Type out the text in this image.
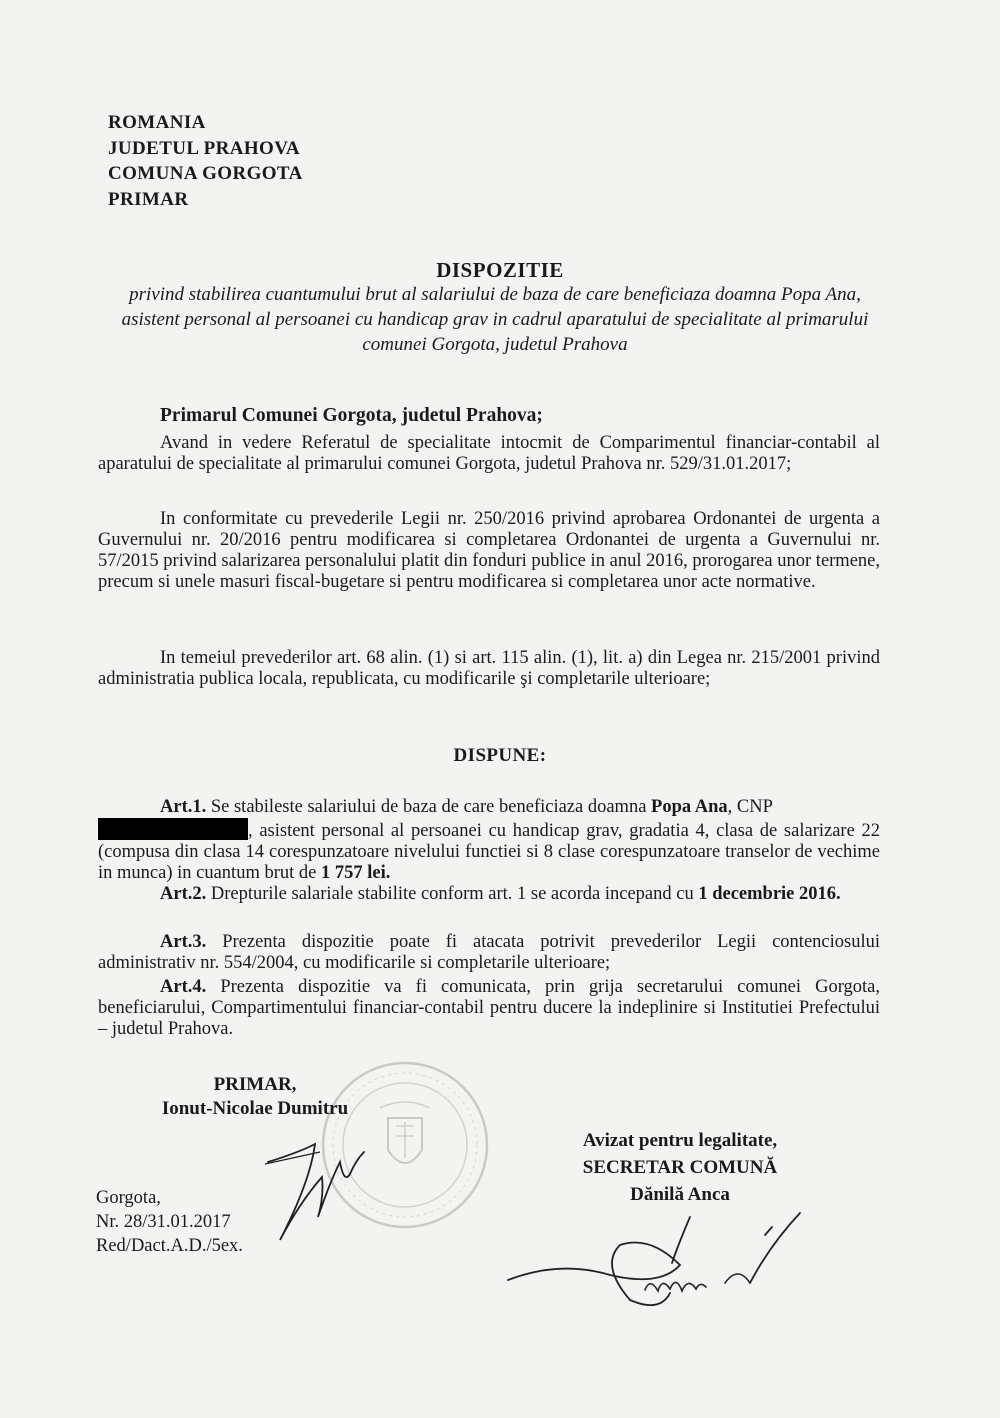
ROMANIA
JUDETUL PRAHOVA
COMUNA GORGOTA
PRIMAR
DISPOZITIE
privind stabilirea cuantumului brut al salariului de baza de care beneficiaza doamna Popa Ana, asistent personal al persoanei cu handicap grav in cadrul aparatului de specialitate al primarului comunei Gorgota, judetul Prahova
Primarul Comunei Gorgota, judetul Prahova;
Avand in vedere Referatul de specialitate intocmit de Comparimentul financiar-contabil al aparatului de specialitate al primarului comunei Gorgota, judetul Prahova nr. 529/31.01.2017;
In conformitate cu prevederile Legii nr. 250/2016 privind aprobarea Ordonantei de urgenta a Guvernului nr. 20/2016 pentru modificarea si completarea Ordonantei de urgenta a Guvernului nr. 57/2015 privind salarizarea personalului platit din fonduri publice in anul 2016, prorogarea unor termene, precum si unele masuri fiscal-bugetare si pentru modificarea si completarea unor acte normative.
In temeiul prevederilor art. 68 alin. (1) si art. 115 alin. (1), lit. a) din Legea nr. 215/2001 privind administratia publica locala, republicata, cu modificarile şi completarile ulterioare;
DISPUNE:
Art.1. Se stabileste salariului de baza de care beneficiaza doamna Popa Ana, CNP
, asistent personal al persoanei cu handicap grav, gradatia 4, clasa de salarizare 22 (compusa din clasa 14 corespunzatoare nivelului functiei si 8 clase corespunzatoare transelor de vechime in munca) in cuantum brut de 1 757 lei.
Art.2. Drepturile salariale stabilite conform art. 1 se acorda incepand cu 1 decembrie 2016.
Art.3. Prezenta dispozitie poate fi atacata potrivit prevederilor Legii contenciosului administrativ nr. 554/2004, cu modificarile si completarile ulterioare;
Art.4. Prezenta dispozitie va fi comunicata, prin grija secretarului comunei Gorgota, beneficiarului, Compartimentului financiar-contabil pentru ducere la indeplinire si Institutiei Prefectului – judetul Prahova.
PRIMAR,
Ionut-Nicolae Dumitru
Gorgota,
Nr. 28/31.01.2017
Red/Dact.A.D./5ex.
Avizat pentru legalitate,
SECRETAR COMUNĂ
Dănilă Anca
